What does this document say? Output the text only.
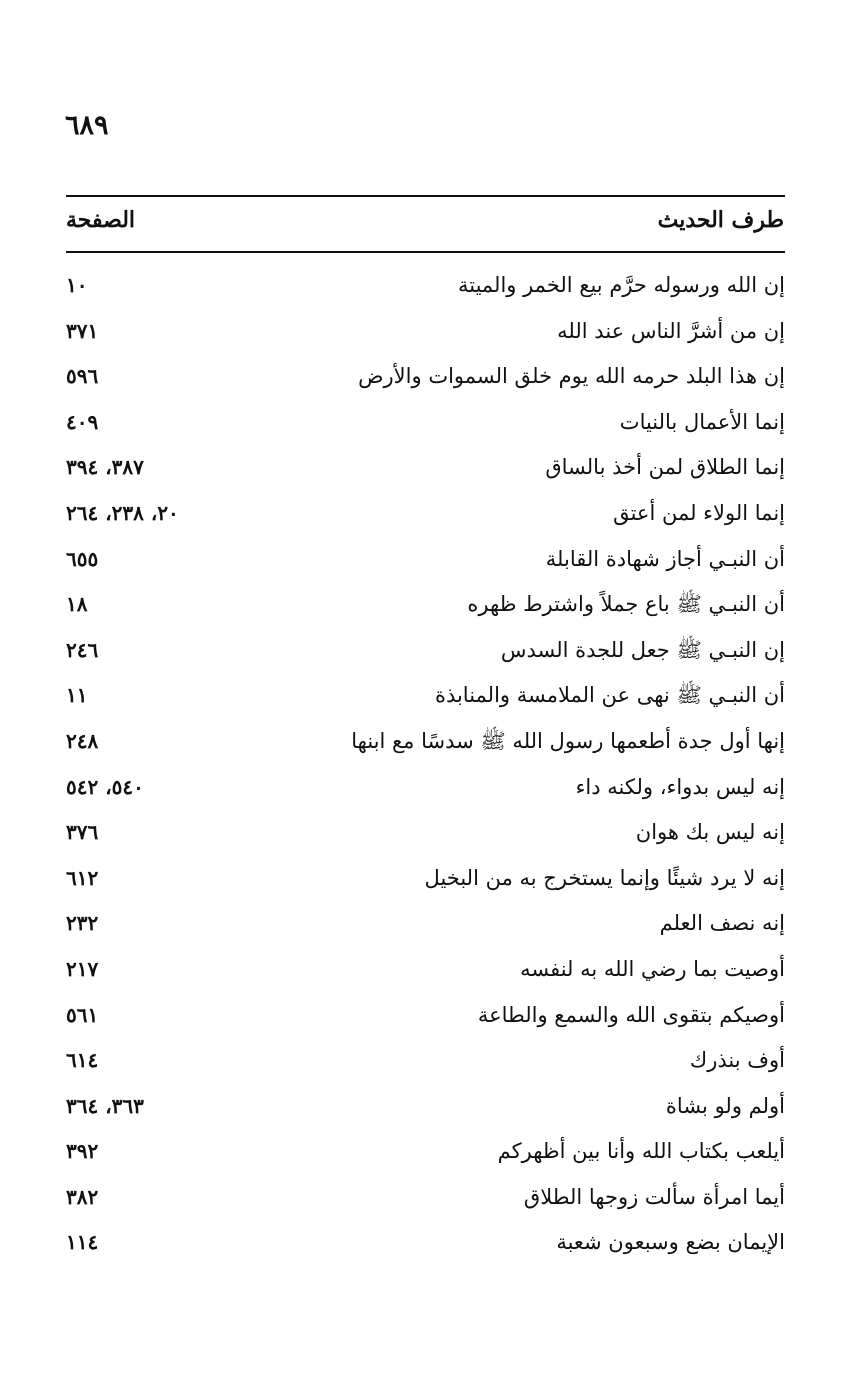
٦٨٩
طرف الحديث
الصفحة
إن الله ورسوله حرَّم بيع الخمر والميتة
١٠
إن من أشرَّ الناس عند الله
٣٧١
إن هذا البلد حرمه الله يوم خلق السموات والأرض
٥٩٦
إنما الأعمال بالنيات
٤٠٩
إنما الطلاق لمن أخذ بالساق
٣٨٧، ٣٩٤
إنما الولاء لمن أعتق
٢٠، ٢٣٨، ٢٦٤
أن النبـي أجاز شهادة القابلة
٦٥٥
أن النبـي ﷺ باع جملاً واشترط ظهره
١٨
إن النبـي ﷺ جعل للجدة السدس
٢٤٦
أن النبـي ﷺ نهى عن الملامسة والمنابذة
١١
إنها أول جدة أطعمها رسول الله ﷺ سدسًا مع ابنها
٢٤٨
إنه ليس بدواء، ولكنه داء
٥٤٠، ٥٤٢
إنه ليس بك هوان
٣٧٦
إنه لا يرد شيئًا وإنما يستخرج به من البخيل
٦١٢
إنه نصف العلم
٢٣٢
أوصيت بما رضي الله به لنفسه
٢١٧
أوصيكم بتقوى الله والسمع والطاعة
٥٦١
أوف بنذرك
٦١٤
أولم ولو بشاة
٣٦٣، ٣٦٤
أيلعب بكتاب الله وأنا بين أظهركم
٣٩٢
أيما امرأة سألت زوجها الطلاق
٣٨٢
الإيمان بضع وسبعون شعبة
١١٤
